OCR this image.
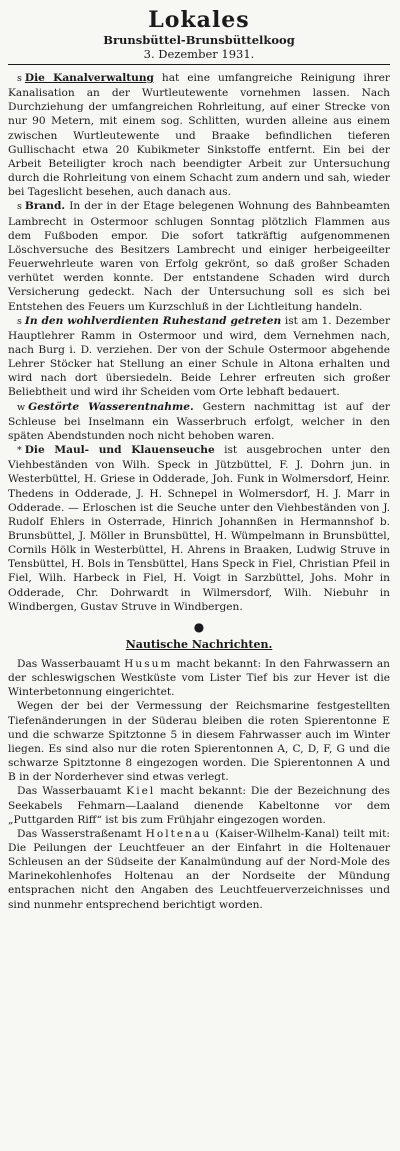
Lokales
Brunsbüttel-Brunsbüttelkoog
3. Dezember 1931.

s Die Kanalverwaltung hat eine umfangreiche Reinigung ihrer Kanalisation an der Wurtleutewente vornehmen lassen. Nach Durchziehung der umfangreichen Rohrleitung, auf einer Strecke von nur 90 Metern, mit einem sog. Schlitten, wurden alleine aus einem zwischen Wurtleutewente und Braake befindlichen tieferen Gullischacht etwa 20 Kubikmeter Sinkstoffe entfernt. Ein bei der Arbeit Beteiligter kroch nach beendigter Arbeit zur Untersuchung durch die Rohrleitung von einem Schacht zum andern und sah, wieder bei Tageslicht besehen, auch danach aus.

s Brand. In der in der Etage belegenen Wohnung des Bahnbeamten Lambrecht in Ostermoor schlugen Sonntag plötzlich Flammen aus dem Fußboden empor. Die sofort tatkräftig aufgenommenen Löschversuche des Besitzers Lambrecht und einiger herbeigeeilter Feuerwehrleute waren von Erfolg gekrönt, so daß großer Schaden verhütet werden konnte. Der entstandene Schaden wird durch Versicherung gedeckt. Nach der Untersuchung soll es sich bei Entstehen des Feuers um Kurzschluß in der Lichtleitung handeln.

s In den wohlverdienten Ruhestand getreten ist am 1. Dezember Hauptlehrer Ramm in Ostermoor und wird, dem Vernehmen nach, nach Burg i. D. verziehen. Der von der Schule Ostermoor abgehende Lehrer Stöcker hat Stellung an einer Schule in Altona erhalten und wird nach dort übersiedeln. Beide Lehrer erfreuten sich großer Beliebtheit und wird ihr Scheiden vom Orte lebhaft bedauert.

w Gestörte Wasserentnahme. Gestern nachmittag ist auf der Schleuse bei Inselmann ein Wasserbruch erfolgt, welcher in den späten Abendstunden noch nicht behoben waren.

* Die Maul- und Klauenseuche ist ausgebrochen unter den Viehbeständen von Wilh. Speck in Jützbüttel, F. J. Dohrn jun. in Westerbüttel, H. Griese in Odderade, Joh. Funk in Wolmersdorf, Heinr. Thedens in Odderade, J. H. Schnepel in Wolmersdorf, H. J. Marr in Odderade. — Erloschen ist die Seuche unter den Viehbeständen von J. Rudolf Ehlers in Osterrade, Hinrich Johannßen in Hermannshof b. Brunsbüttel, J. Möller in Brunsbüttel, H. Wümpelmann in Brunsbüttel, Cornils Hölk in Westerbüttel, H. Ahrens in Braaken, Ludwig Struve in Tensbüttel, H. Bols in Tensbüttel, Hans Speck in Fiel, Christian Pfeil in Fiel, Wilh. Harbeck in Fiel, H. Voigt in Sarzbüttel, Johs. Mohr in Odderade, Chr. Dohrwardt in Wilmersdorf, Wilh. Niebuhr in Windbergen, Gustav Struve in Windbergen.

●
Nautische Nachrichten.

Das Wasserbauamt Husum macht bekannt: In den Fahrwassern an der schleswigschen Westküste vom Lister Tief bis zur Hever ist die Winterbetonnung eingerichtet.

Wegen der bei der Vermessung der Reichsmarine festgestellten Tiefenänderungen in der Süderau bleiben die roten Spierentonne E und die schwarze Spitztonne 5 in diesem Fahrwasser auch im Winter liegen. Es sind also nur die roten Spierentonnen A, C, D, F, G und die schwarze Spitztonne 8 eingezogen worden. Die Spierentonnen A und B in der Norderhever sind etwas verlegt.

Das Wasserbauamt Kiel macht bekannt: Die der Bezeichnung des Seekabels Fehmarn—Laaland dienende Kabeltonne vor dem „Puttgarden Riff“ ist bis zum Frühjahr eingezogen worden.

Das Wasserstraßenamt Holtenau (Kaiser-Wilhelm-Kanal) teilt mit: Die Peilungen der Leuchtfeuer an der Einfahrt in die Holtenauer Schleusen an der Südseite der Kanalmündung auf der Nord-Mole des Marinekohlenhofes Holtenau an der Nordseite der Mündung entsprachen nicht den Angaben des Leuchtfeuerverzeichnisses und sind nunmehr entsprechend berichtigt worden.
